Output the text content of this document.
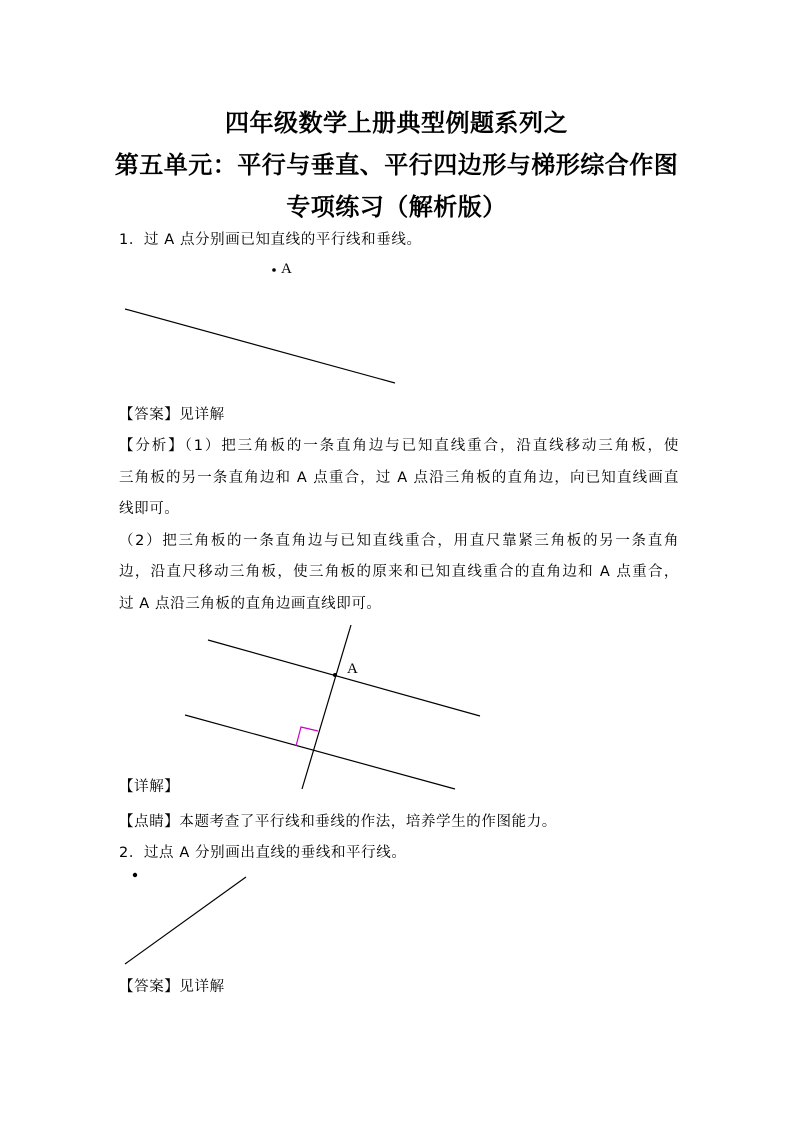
四年级数学上册典型例题系列之
第五单元：平行与垂直、平行四边形与梯形综合作图
专项练习（解析版）
1．过 A 点分别画已知直线的平行线和垂线。
A
【答案】见详解
【分析】（1）把三角板的一条直角边与已知直线重合，沿直线移动三角板，使
三角板的另一条直角边和 A 点重合，过 A 点沿三角板的直角边，向已知直线画直
线即可。
（2）把三角板的一条直角边与已知直线重合，用直尺靠紧三角板的另一条直角
边，沿直尺移动三角板，使三角板的原来和已知直线重合的直角边和 A 点重合，
过 A 点沿三角板的直角边画直线即可。
A
【详解】
【点睛】本题考查了平行线和垂线的作法，培养学生的作图能力。
2．过点 A 分别画出直线的垂线和平行线。
【答案】见详解
